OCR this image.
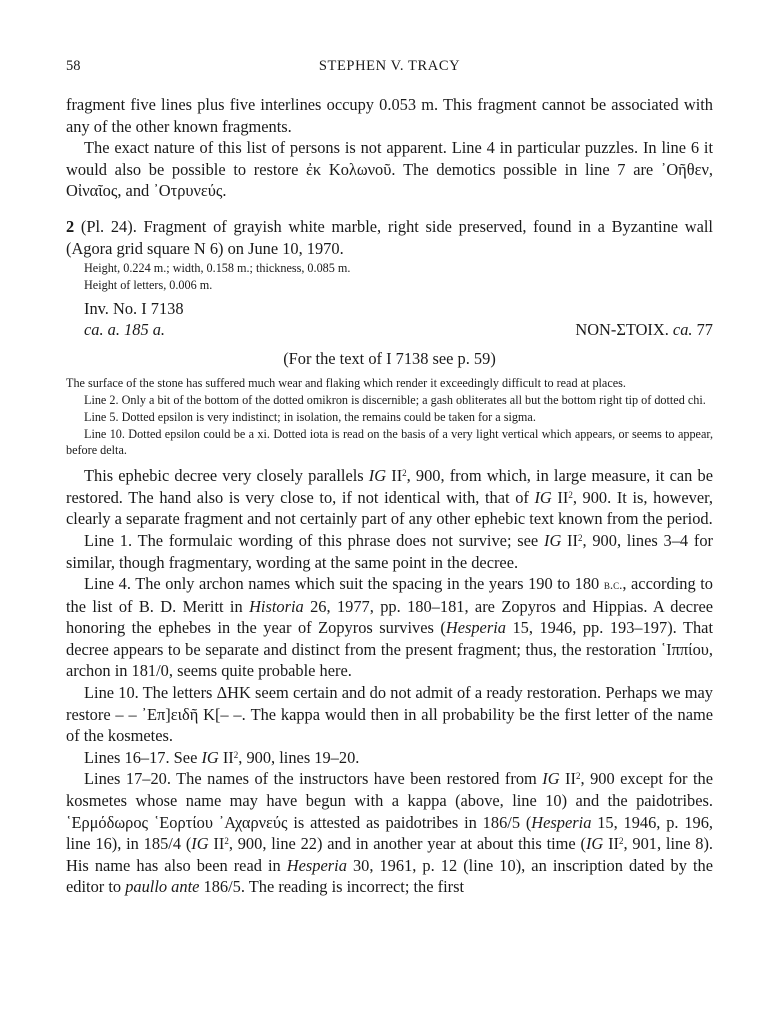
58	STEPHEN V. TRACY

fragment five lines plus five interlines occupy 0.053 m. This fragment cannot be associated with any of the other known fragments.

The exact nature of this list of persons is not apparent. Line 4 in particular puzzles. In line 6 it would also be possible to restore ἐκ Κολωνοῦ. The demotics possible in line 7 are ᾿Οῆθεν, Οἰναῖος, and ᾿Οτρυνεύς.

2 (Pl. 24). Fragment of grayish white marble, right side preserved, found in a Byzantine wall (Agora grid square N 6) on June 10, 1970.

Height, 0.224 m.; width, 0.158 m.; thickness, 0.085 m.

Height of letters, 0.006 m.

Inv. No. I 7138

ca. a. 185 a.	NON-ΣΤΟΙΧ. ca. 77

(For the text of I 7138 see p. 59)

The surface of the stone has suffered much wear and flaking which render it exceedingly difficult to read at places.

Line 2. Only a bit of the bottom of the dotted omikron is discernible; a gash obliterates all but the bottom right tip of dotted chi.

Line 5. Dotted epsilon is very indistinct; in isolation, the remains could be taken for a sigma.

Line 10. Dotted epsilon could be a xi. Dotted iota is read on the basis of a very light vertical which appears, or seems to appear, before delta.

This ephebic decree very closely parallels IG $II^2$, 900, from which, in large measure, it can be restored. The hand also is very close to, if not identical with, that of IG $II^2$, 900. It is, however, clearly a separate fragment and not certainly part of any other ephebic text known from the period.

Line 1. The formulaic wording of this phrase does not survive; see IG $II^2$, 900, lines 3–4 for similar, though fragmentary, wording at the same point in the decree.

Line 4. The only archon names which suit the spacing in the years 190 to 180 b.c., according to the list of B. D. Meritt in Historia 26, 1977, pp. 180–181, are Zopyros and Hippias. A decree honoring the ephebes in the year of Zopyros survives (Hesperia 15, 1946, pp. 193–197). That decree appears to be separate and distinct from the present fragment; thus, the restoration ῾Ιππίου, archon in 181/0, seems quite probable here.

Line 10. The letters ΔΗΚ seem certain and do not admit of a ready restoration. Perhaps we may restore – – ᾿Επ]ειδῆ Κ[– –. The kappa would then in all probability be the first letter of the name of the kosmetes.

Lines 16–17. See IG $II^2$, 900, lines 19–20.

Lines 17–20. The names of the instructors have been restored from IG $II^2$, 900 except for the kosmetes whose name may have begun with a kappa (above, line 10) and the paidotribes. ῾Ερμόδωρος ῾Εορτίου ᾿Αχαρνεύς is attested as paidotribes in 186/5 (Hesperia 15, 1946, p. 196, line 16), in 185/4 (IG $II^2$, 900, line 22) and in another year at about this time (IG $II^2$, 901, line 8). His name has also been read in Hesperia 30, 1961, p. 12 (line 10), an inscription dated by the editor to paullo ante 186/5. The reading is incorrect; the first
